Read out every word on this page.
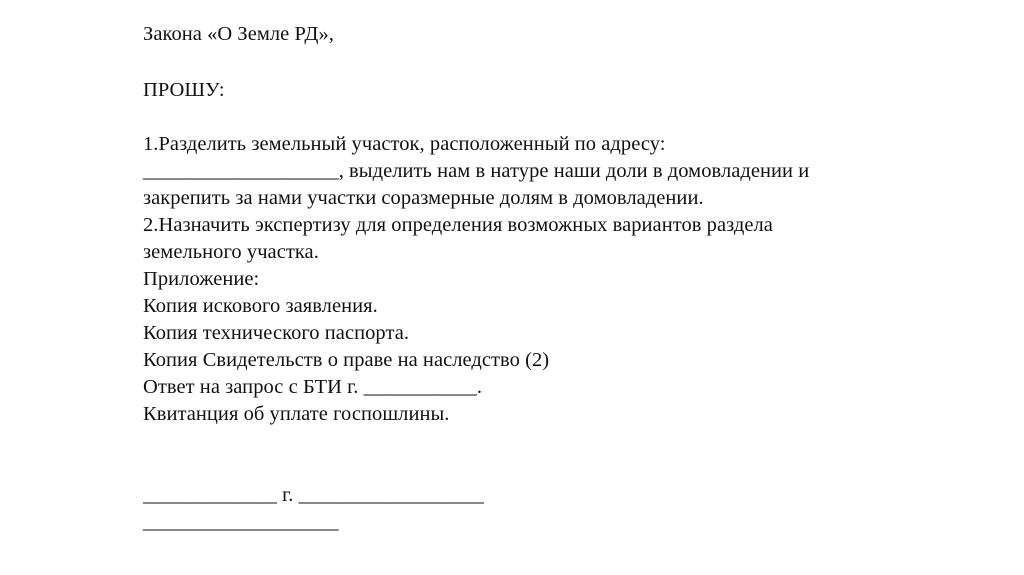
Закона «О Земле РД»,
ПРОШУ:
1.Разделить земельный участок, расположенный по адресу:
___________________, выделить нам в натуре наши доли в домовладении и
закрепить за нами участки соразмерные долям в домовладении.
2.Назначить экспертизу для определения возможных вариантов раздела
земельного участка.
Приложение:
Копия искового заявления.
Копия технического паспорта.
Копия Свидетельств о праве на наследство (2)
Ответ на запрос с БТИ г. ___________.
Квитанция об уплате госпошлины.
_____________ г. __________________
___________________
